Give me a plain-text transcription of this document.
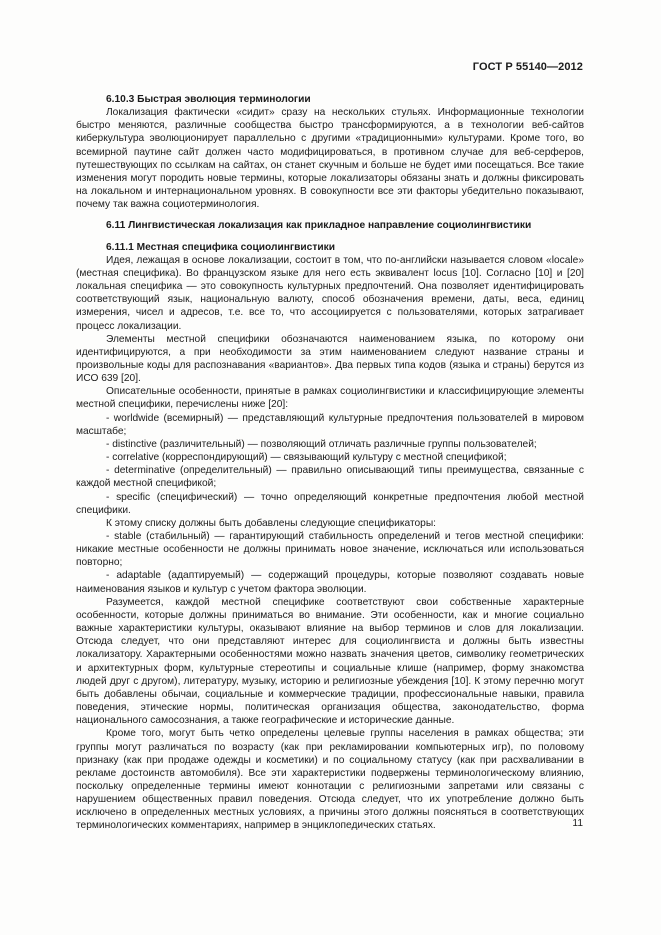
ГОСТ Р 55140—2012

6.10.3 Быстрая эволюция терминологии

Локализация фактически «сидит» сразу на нескольких стульях. Информационные технологии быстро меняются, различные сообщества быстро трансформируются, а в технологии веб-сайтов киберкультура эволюционирует параллельно с другими «традиционными» культурами. Кроме того, во всемирной паутине сайт должен часто модифицироваться, в противном случае для веб-серферов, путешествующих по ссылкам на сайтах, он станет скучным и больше не будет ими посещаться. Все такие изменения могут породить новые термины, которые локализаторы обязаны знать и должны фиксировать на локальном и интернациональном уровнях. В совокупности все эти факторы убедительно показывают, почему так важна социотерминология.

6.11 Лингвистическая локализация как прикладное направление социолингвистики

6.11.1 Местная специфика социолингвистики

Идея, лежащая в основе локализации, состоит в том, что по-английски называется словом «locale» (местная специфика). Во французском языке для него есть эквивалент locus [10]. Согласно [10] и [20] локальная специфика — это совокупность культурных предпочтений. Она позволяет идентифицировать соответствующий язык, национальную валюту, способ обозначения времени, даты, веса, единиц измерения, чисел и адресов, т.е. все то, что ассоциируется с пользователями, которых затрагивает процесс локализации.

Элементы местной специфики обозначаются наименованием языка, по которому они идентифицируются, а при необходимости за этим наименованием следуют название страны и произвольные коды для распознавания «вариантов». Два первых типа кодов (языка и страны) берутся из ИСО 639 [20].

Описательные особенности, принятые в рамках социолингвистики и классифицирующие элементы местной специфики, перечислены ниже [20]:

- worldwide (всемирный) — представляющий культурные предпочтения пользователей в мировом масштабе;

- distinctive (различительный) — позволяющий отличать различные группы пользователей;

- correlative (корреспондирующий) — связывающий культуру с местной спецификой;

- determinative (определительный) — правильно описывающий типы преимущества, связанные с каждой местной спецификой;

- specific (специфический) — точно определяющий конкретные предпочтения любой местной специфики.

К этому списку должны быть добавлены следующие спецификаторы:

- stable (стабильный) — гарантирующий стабильность определений и тегов местной специфики: никакие местные особенности не должны принимать новое значение, исключаться или использоваться повторно;

- adaptable (адаптируемый) — содержащий процедуры, которые позволяют создавать новые наименования языков и культур с учетом фактора эволюции.

Разумеется, каждой местной специфике соответствуют свои собственные характерные особенности, которые должны приниматься во внимание. Эти особенности, как и многие социально важные характеристики культуры, оказывают влияние на выбор терминов и слов для локализации. Отсюда следует, что они представляют интерес для социолингвиста и должны быть известны локализатору. Характерными особенностями можно назвать значения цветов, символику геометрических и архитектурных форм, культурные стереотипы и социальные клише (например, форму знакомства людей друг с другом), литературу, музыку, историю и религиозные убеждения [10]. К этому перечню могут быть добавлены обычаи, социальные и коммерческие традиции, профессиональные навыки, правила поведения, этические нормы, политическая организация общества, законодательство, форма национального самосознания, а также географические и исторические данные.

Кроме того, могут быть четко определены целевые группы населения в рамках общества; эти группы могут различаться по возрасту (как при рекламировании компьютерных игр), по половому признаку (как при продаже одежды и косметики) и по социальному статусу (как при расхваливании в рекламе достоинств автомобиля). Все эти характеристики подвержены терминологическому влиянию, поскольку определенные термины имеют коннотации с религиозными запретами или связаны с нарушением общественных правил поведения. Отсюда следует, что их употребление должно быть исключено в определенных местных условиях, а причины этого должны поясняться в соответствующих терминологических комментариях, например в энциклопедических статьях.	11
